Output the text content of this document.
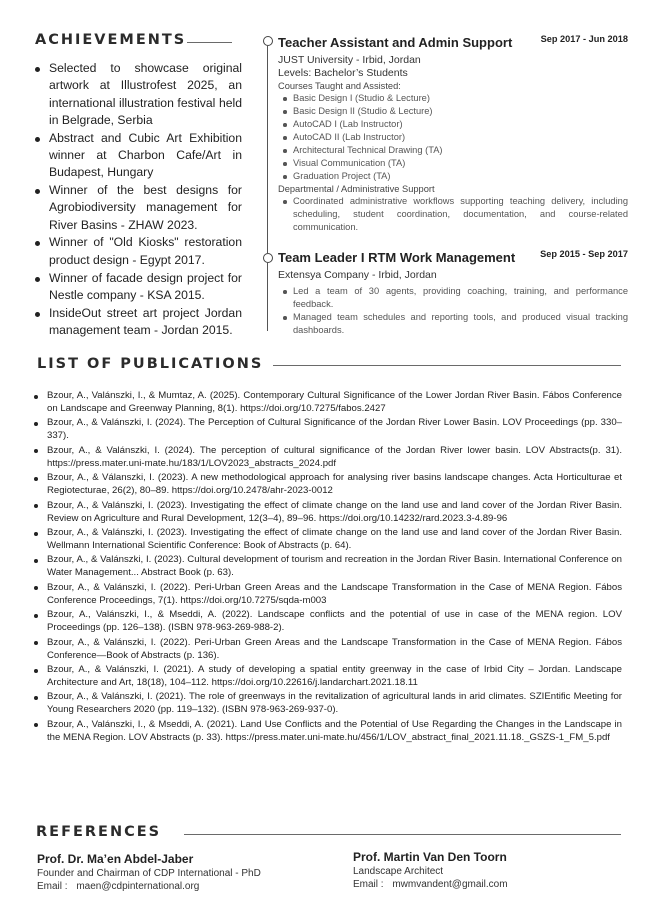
ACHIEVEMENTS
Selected to showcase original artwork at Illustrofest 2025, an international illustration festival held in Belgrade, Serbia
Abstract and Cubic Art Exhibition winner at Charbon Cafe/Art in Budapest, Hungary
Winner of the best designs for Agrobiodiversity management for River Basins - ZHAW 2023.
Winner of "Old Kiosks" restoration product design - Egypt 2017.
Winner of facade design project for Nestle company - KSA 2015.
InsideOut street art project Jordan management team - Jordan 2015.
Teacher Assistant and Admin Support	Sep 2017 - Jun 2018
JUST University - Irbid, Jordan
Levels: Bachelor’s Students
Courses Taught and Assisted:
Basic Design I (Studio & Lecture)
Basic Design II (Studio & Lecture)
AutoCAD I (Lab Instructor)
AutoCAD II (Lab Instructor)
Architectural Technical Drawing (TA)
Visual Communication (TA)
Graduation Project (TA)
Departmental / Administrative Support
Coordinated administrative workflows supporting teaching delivery, including scheduling, student coordination, documentation, and course-related communication.
Team Leader I RTM Work Management	Sep 2015 - Sep 2017
Extensya Company - Irbid, Jordan
Led a team of 30 agents, providing coaching, training, and performance feedback.
Managed team schedules and reporting tools, and produced visual tracking dashboards.
LIST OF PUBLICATIONS
Bzour, A., Valánszki, I., & Mumtaz, A. (2025). Contemporary Cultural Significance of the Lower Jordan River Basin. Fábos Conference on Landscape and Greenway Planning, 8(1). https://doi.org/10.7275/fabos.2427
Bzour, A., & Valánszki, I. (2024). The Perception of Cultural Significance of the Jordan River Lower Basin. LOV Proceedings (pp. 330–337).
Bzour, A., & Valánszki, I. (2024). The perception of cultural significance of the Jordan River lower basin. LOV Abstracts(p. 31). https://press.mater.uni-mate.hu/183/1/LOV2023_abstracts_2024.pdf
Bzour, A., & Válanszki, I. (2023). A new methodological approach for analysing river basins landscape changes. Acta Horticulturae et Regiotecturae, 26(2), 80–89. https://doi.org/10.2478/ahr-2023-0012
Bzour, A., & Valánszki, I. (2023). Investigating the effect of climate change on the land use and land cover of the Jordan River Basin. Review on Agriculture and Rural Development, 12(3–4), 89–96. https://doi.org/10.14232/rard.2023.3-4.89-96
Bzour, A., & Valánszki, I. (2023). Investigating the effect of climate change on the land use and land cover of the Jordan River Basin. Wellmann International Scientific Conference: Book of Abstracts (p. 64).
Bzour, A., & Valánszki, I. (2023). Cultural development of tourism and recreation in the Jordan River Basin. International Conference on Water Management... Abstract Book (p. 63).
Bzour, A., & Valánszki, I. (2022). Peri-Urban Green Areas and the Landscape Transformation in the Case of MENA Region. Fábos Conference Proceedings, 7(1). https://doi.org/10.7275/sqda-m003
Bzour, A., Valánszki, I., & Mseddi, A. (2022). Landscape conflicts and the potential of use in case of the MENA region. LOV Proceedings (pp. 126–138). (ISBN 978-963-269-988-2).
Bzour, A., & Valánszki, I. (2022). Peri-Urban Green Areas and the Landscape Transformation in the Case of MENA Region. Fábos Conference—Book of Abstracts (p. 136).
Bzour, A., & Valánszki, I. (2021). A study of developing a spatial entity greenway in the case of Irbid City – Jordan. Landscape Architecture and Art, 18(18), 104–112. https://doi.org/10.22616/j.landarchart.2021.18.11
Bzour, A., & Valánszki, I. (2021). The role of greenways in the revitalization of agricultural lands in arid climates. SZIEntific Meeting for Young Researchers 2020 (pp. 119–132). (ISBN 978-963-269-937-0).
Bzour, A., Valánszki, I., & Mseddi, A. (2021). Land Use Conflicts and the Potential of Use Regarding the Changes in the Landscape in the MENA Region. LOV Abstracts (p. 33). https://press.mater.uni-mate.hu/456/1/LOV_abstract_final_2021.11.18._GSZS-1_FM_5.pdf
REFERENCES
Prof. Dr. Ma’en Abdel-Jaber
Founder and Chairman of CDP International - PhD
Email : maen@cdpinternational.org
Prof. Martin Van Den Toorn
Landscape Architect
Email : mwmvandent@gmail.com
